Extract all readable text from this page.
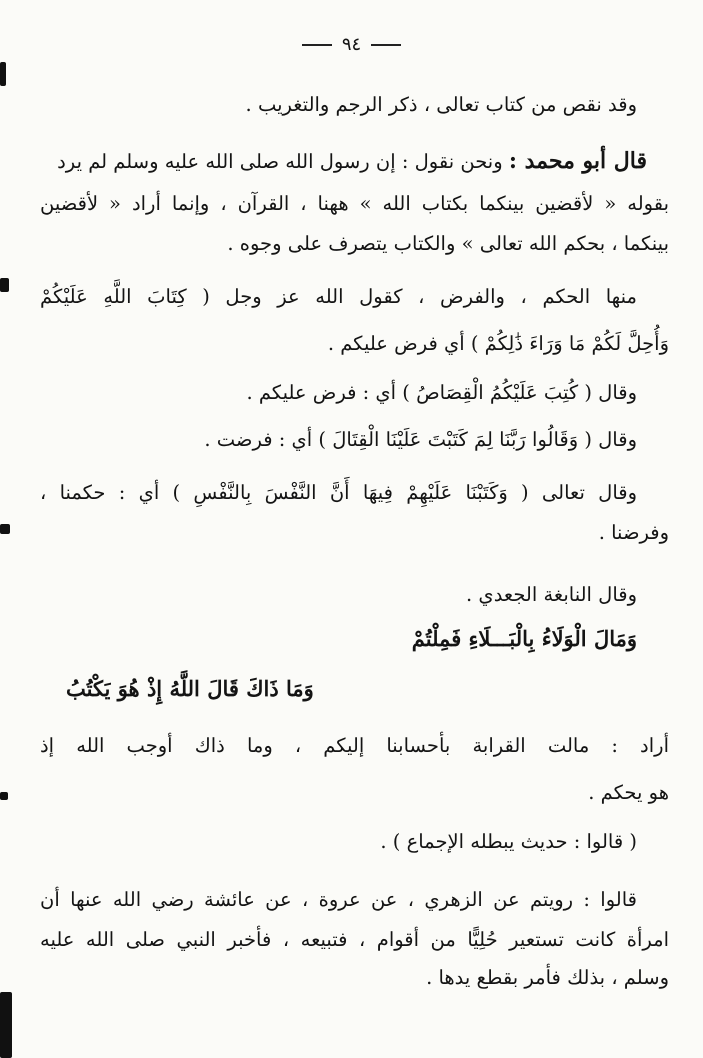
٩٤
وقد نقص من كتاب تعالى ، ذكر الرجم والتغريب .
قال أبو محمد : ونحن نقول : إن رسول الله صلى الله عليه وسلم لم يرد
بقوله « لأقضين بينكما بكتاب الله » ههنا ، القرآن ، وإنما أراد « لأقضين
بينكما ، بحكم الله تعالى » والكتاب يتصرف على وجوه .
منها الحكم ، والفرض ، كقول الله عز وجل ( كِتَابَ اللَّهِ عَلَيْكُمْ
وَأُحِلَّ لَكُمْ مَا وَرَاءَ ذَٰلِكُمْ ) أي فرض عليكم .
وقال ( كُتِبَ عَلَيْكُمُ الْقِصَاصُ ) أي : فرض عليكم .
وقال ( وَقَالُوا رَبَّنَا لِمَ كَتَبْتَ عَلَيْنَا الْقِتَالَ ) أي : فرضت .
وقال تعالى ( وَكَتَبْنَا عَلَيْهِمْ فِيهَا أَنَّ النَّفْسَ بِالنَّفْسِ ) أي : حكمنا ،
وفرضنا .
وقال النابغة الجعدي .
وَمَالَ الْوَلَاءُ بِالْبَـــلَاءِ فَمِلْتُمْ
وَمَا ذَاكَ قَالَ اللَّهُ إِذْ هُوَ يَكْتُبُ
أراد : مالت القرابة بأحسابنا إليكم ، وما ذاك أوجب الله إذ
هو يحكم .
( قالوا : حديث يبطله الإجماع ) .
قالوا : رويتم عن الزهري ، عن عروة ، عن عائشة رضي الله عنها أن
امرأة كانت تستعير حُلِيًّا من أقوام ، فتبيعه ، فأخبر النبي صلى الله عليه
وسلم ، بذلك فأمر بقطع يدها .
